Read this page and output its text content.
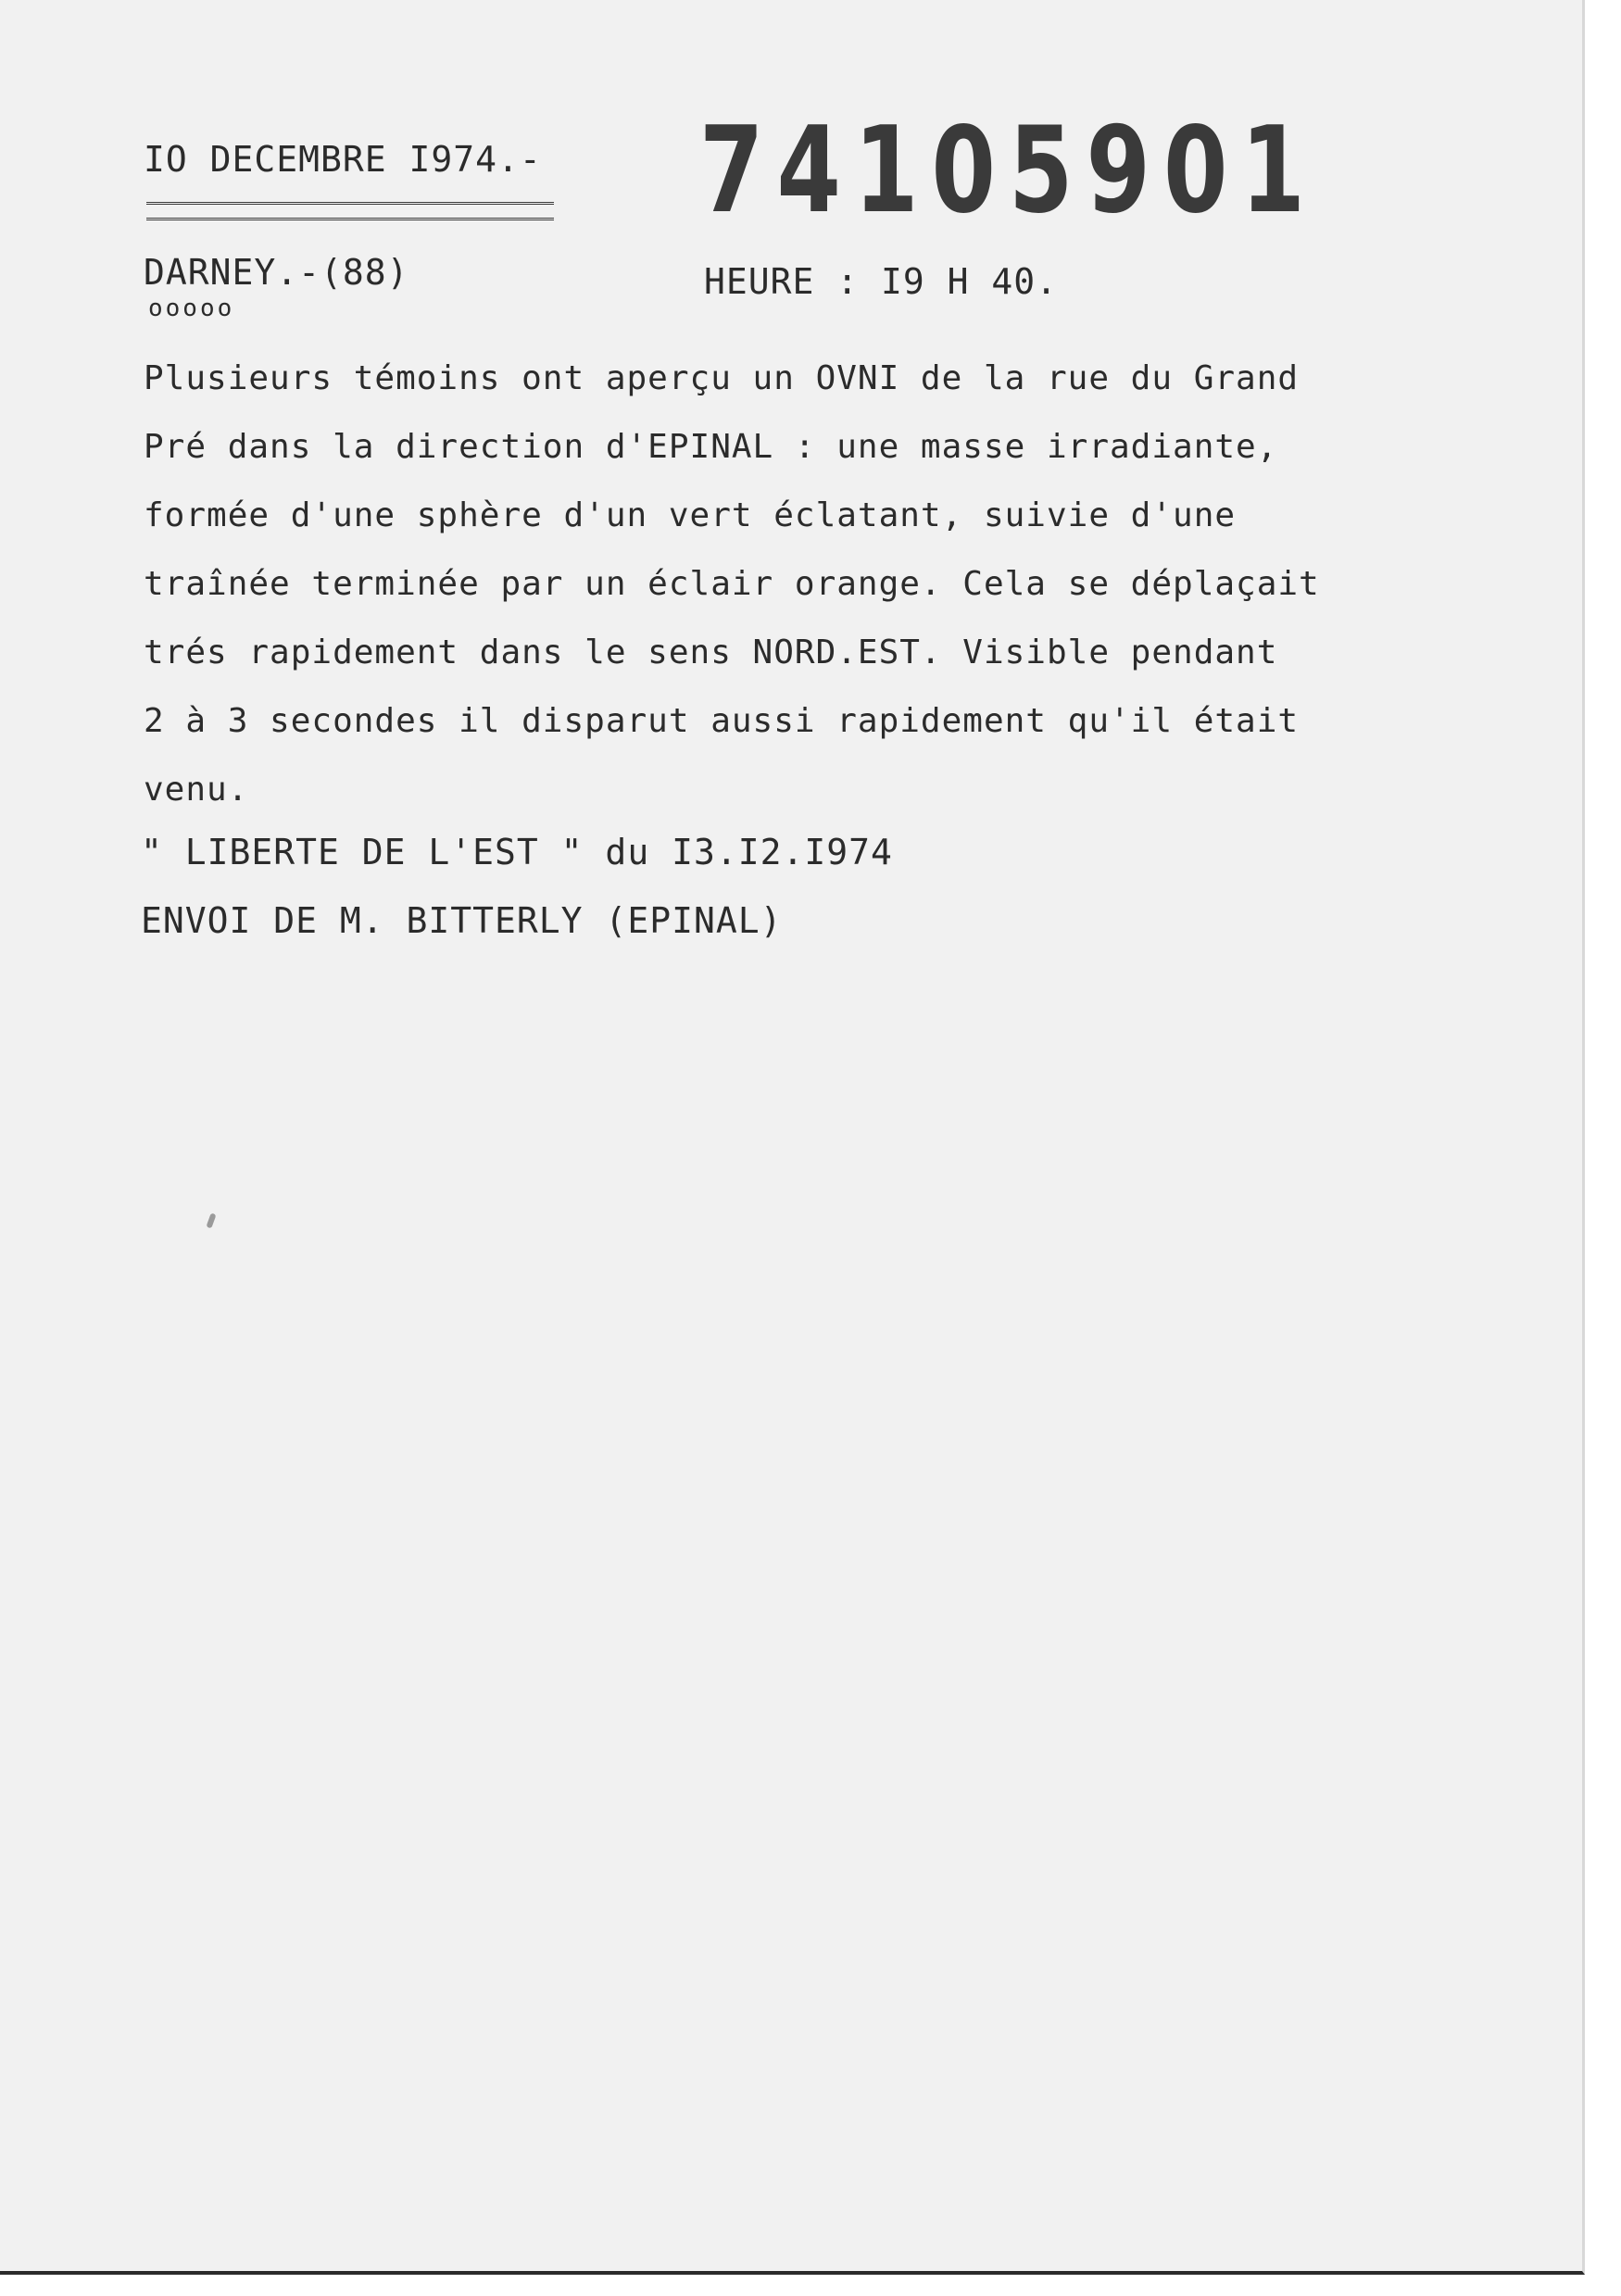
IO DECEMBRE I974.- 74105901
DARNEY.-(88)
ooooo
HEURE : I9 H 40.
Plusieurs témoins ont aperçu un OVNI de la rue du Grand
Pré dans la direction d'EPINAL : une masse irradiante,
formée d'une sphère d'un vert éclatant, suivie d'une
traînée terminée par un éclair orange. Cela se déplaçait
trés rapidement dans le sens NORD.EST. Visible pendant
2 à 3 secondes il disparut aussi rapidement qu'il était
venu.
" LIBERTE DE L'EST " du I3.I2.I974
ENVOI DE M. BITTERLY (EPINAL)
